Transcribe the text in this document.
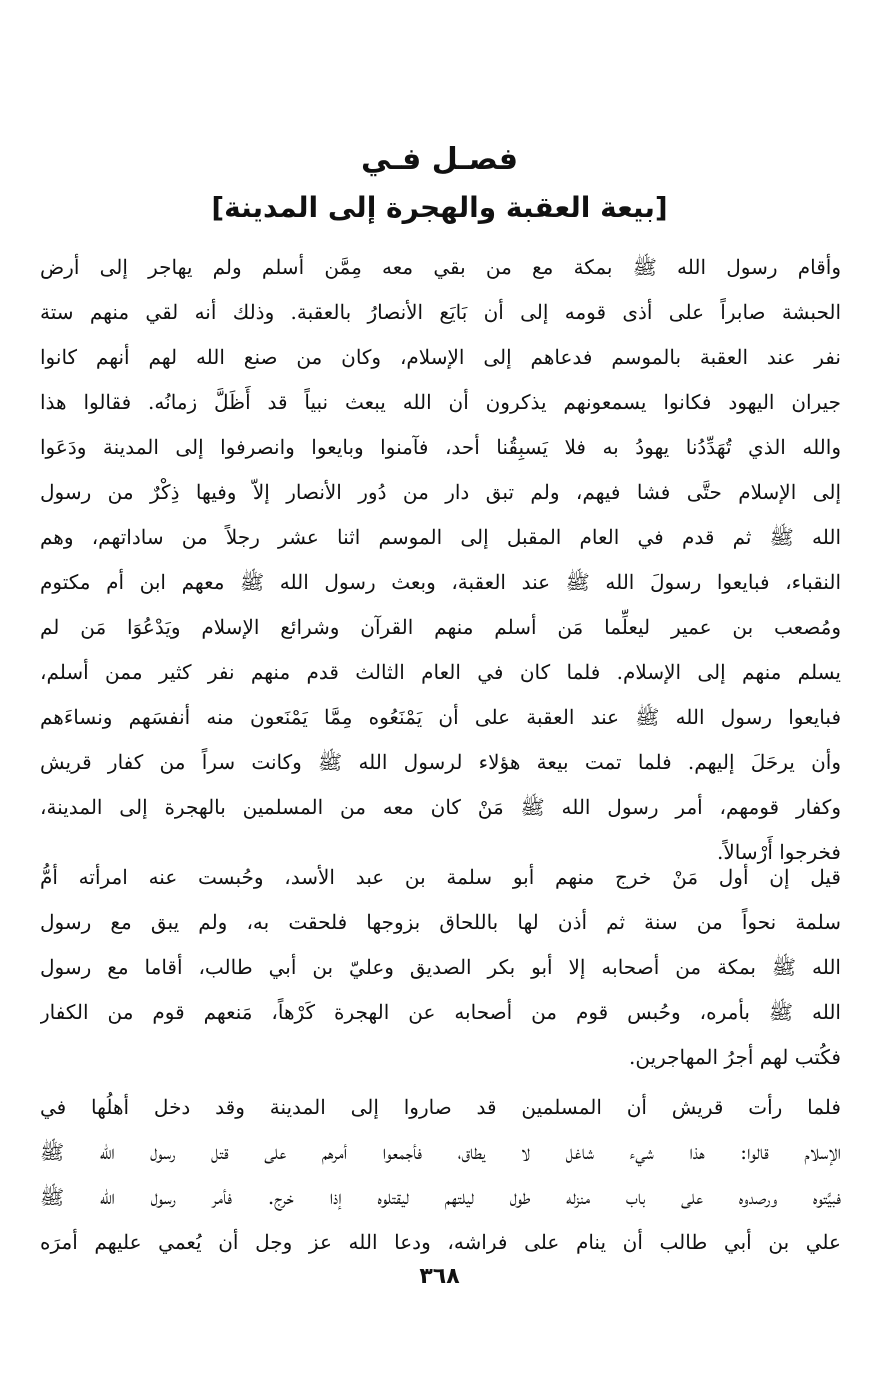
فصـل فـي
[بيعة العقبة والهجرة إلى المدينة]
وأقام رسول الله ﷺ بمكة مع من بقي معه مِمَّن أسلم ولم يهاجر إلى أرض
الحبشة صابراً على أذى قومه إلى أن بَايَع الأنصارُ بالعقبة. وذلك أنه لقي منهم ستة
نفر عند العقبة بالموسم فدعاهم إلى الإسلام، وكان من صنع الله لهم أنهم كانوا
جيران اليهود فكانوا يسمعونهم يذكرون أن الله يبعث نبياً قد أَظَلَّ زمانُه. فقالوا هذا
والله الذي تُهَدِّدُنا يهودُ به فلا يَسبِقُنا أحد، فآمنوا وبايعوا وانصرفوا إلى المدينة ودَعَوا
إلى الإسلام حتَّى فشا فيهم، ولم تبق دار من دُور الأنصار إلاّ وفيها ذِكْرٌ من رسول
الله ﷺ ثم قدم في العام المقبل إلى الموسم اثنا عشر رجلاً من ساداتهم، وهم
النقباء، فبايعوا رسولَ الله ﷺ عند العقبة، وبعث رسول الله ﷺ معهم ابن أم مكتوم
ومُصعب بن عمير ليعلِّما مَن أسلم منهم القرآن وشرائع الإسلام ويَدْعُوَا مَن لم
يسلم منهم إلى الإسلام. فلما كان في العام الثالث قدم منهم نفر كثير ممن أسلم،
فبايعوا رسول الله ﷺ عند العقبة على أن يَمْنَعُوه مِمَّا يَمْنَعون منه أنفسَهم ونساءَهم
وأن يرحَلَ إليهم. فلما تمت بيعة هؤلاء لرسول الله ﷺ وكانت سراً من كفار قريش
وكفار قومهم، أمر رسول الله ﷺ مَنْ كان معه من المسلمين بالهجرة إلى المدينة،
فخرجوا أَرْسالاً.
قيل إن أول مَنْ خرج منهم أبو سلمة بن عبد الأسد، وحُبست عنه امرأته أمُّ
سلمة نحواً من سنة ثم أذن لها باللحاق بزوجها فلحقت به، ولم يبق مع رسول
الله ﷺ بمكة من أصحابه إلا أبو بكر الصديق وعليّ بن أبي طالب، أقاما مع رسول
الله ﷺ بأمره، وحُبس قوم من أصحابه عن الهجرة كَرْهاً، مَنعهم قوم من الكفار
فكُتب لهم أجرُ المهاجرين.
فلما رأت قريش أن المسلمين قد صاروا إلى المدينة وقد دخل أهلُها في
الإسلام قالوا: هذا شيء شاغل لا يطاق، فأجمعوا أمرهم على قتل رسول الله ﷺ
فبيَّتوه ورصدوه على باب منزله طول ليلتهم ليقتلوه إذا خرج. فأمر رسول الله ﷺ
علي بن أبي طالب أن ينام على فراشه، ودعا الله عز وجل أن يُعمي عليهم أمرَه
٣٦٨
